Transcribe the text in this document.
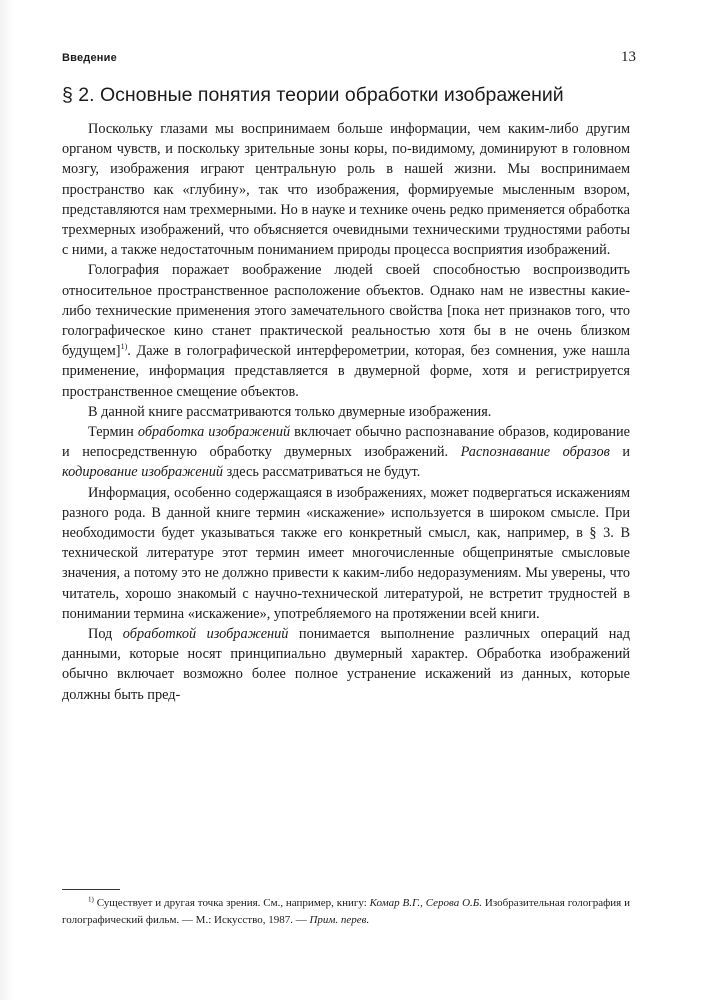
Введение	13
§ 2. Основные понятия теории обработки изображений

Поскольку глазами мы воспринимаем больше информации, чем каким-либо другим органом чувств, и поскольку зрительные зоны коры, по-видимому, доминируют в головном мозгу, изображения играют центральную роль в нашей жизни. Мы воспринимаем пространство как «глубину», так что изображения, формируемые мысленным взором, представляются нам трехмерными. Но в науке и технике очень редко применяется обработка трехмерных изображений, что объясняется очевидными техническими трудностями работы с ними, а также недостаточным пониманием природы процесса восприятия изображений.

Голография поражает воображение людей своей способностью воспроизводить относительное пространственное расположение объектов. Однако нам не известны какие-либо технические применения этого замечательного свойства [пока нет признаков того, что голографическое кино станет практической реальностью хотя бы в не очень близком будущем]$^{1)}$. Даже в голографической интерферометрии, которая, без сомнения, уже нашла применение, информация представляется в двумерной форме, хотя и регистрируется пространственное смещение объектов.

В данной книге рассматриваются только двумерные изображения.

Термин обработка изображений включает обычно распознавание образов, кодирование и непосредственную обработку двумерных изображений. Распознавание образов и кодирование изображений здесь рассматриваться не будут.

Информация, особенно содержащаяся в изображениях, может подвергаться искажениям разного рода. В данной книге термин «искажение» используется в широком смысле. При необходимости будет указываться также его конкретный смысл, как, например, в § 3. В технической литературе этот термин имеет многочисленные общепринятые смысловые значения, а потому это не должно привести к каким-либо недоразумениям. Мы уверены, что читатель, хорошо знакомый с научно-технической литературой, не встретит трудностей в понимании термина «искажение», употребляемого на протяжении всей книги.

Под обработкой изображений понимается выполнение различных операций над данными, которые носят принципиально двумерный характер. Обработка изображений обычно включает возможно более полное устранение искажений из данных, которые должны быть пред-

$^{1)}$ Существует и другая точка зрения. См., например, книгу: Комар В.Г., Серова О.Б. Изобразительная голография и голографический фильм. — М.: Искусство, 1987. — Прим. перев.
